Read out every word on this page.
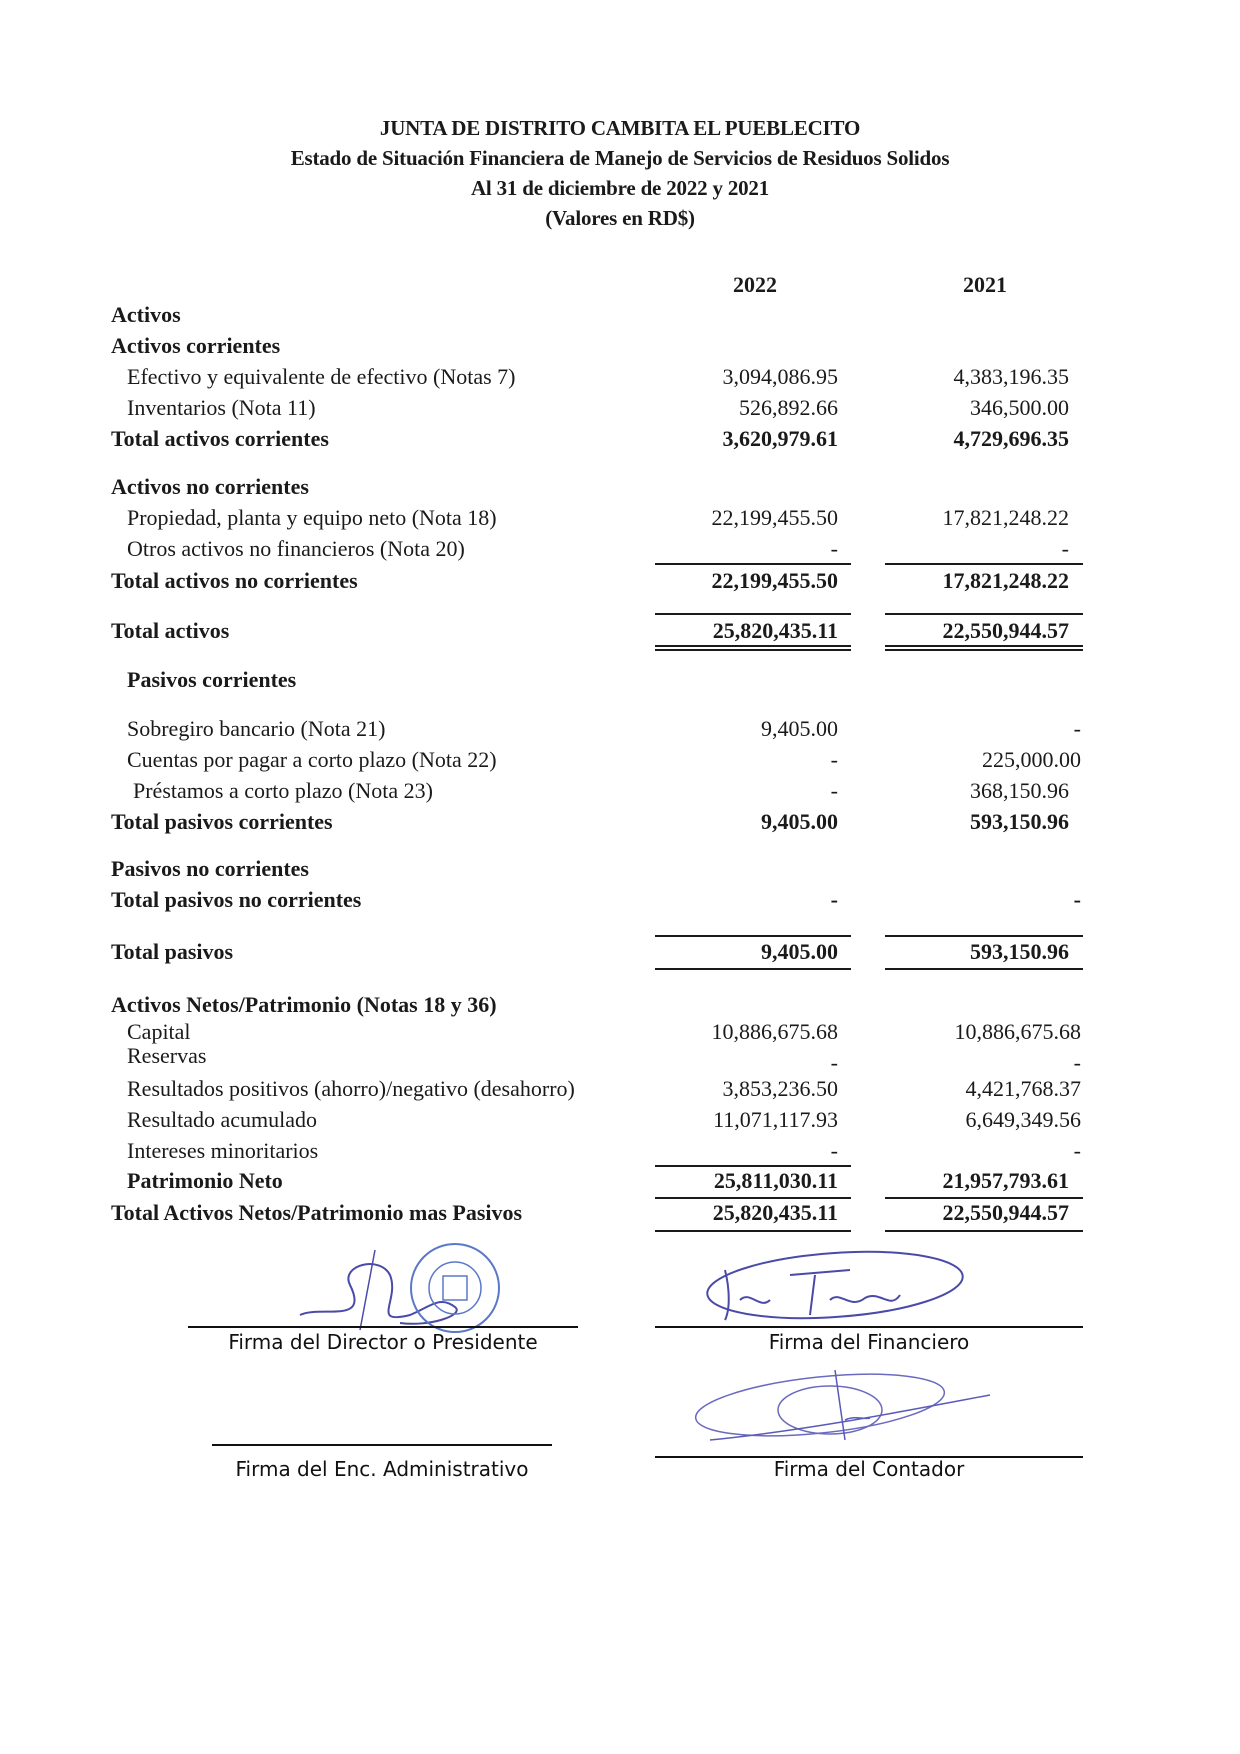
JUNTA DE DISTRITO CAMBITA EL PUEBLECITO
Estado de Situación Financiera de Manejo de Servicios de Residuos Solidos
Al 31 de diciembre de 2022 y 2021
(Valores en RD$)
2022	2021
Activos
Activos corrientes
Efectivo y equivalente de efectivo (Notas 7)	3,094,086.95	4,383,196.35
Inventarios (Nota 11)	526,892.66	346,500.00
Total activos corrientes	3,620,979.61	4,729,696.35
Activos no corrientes
Propiedad, planta y equipo neto (Nota 18)	22,199,455.50	17,821,248.22
Otros activos no financieros (Nota 20)	-	-
Total activos no corrientes	22,199,455.50	17,821,248.22
Total activos	25,820,435.11	22,550,944.57
Pasivos corrientes
Sobregiro bancario (Nota 21)	9,405.00	-
Cuentas por pagar a corto plazo (Nota 22)	-	225,000.00
Préstamos a corto plazo (Nota 23)	-	368,150.96
Total pasivos corrientes	9,405.00	593,150.96
Pasivos no corrientes
Total pasivos no corrientes	-	-
Total pasivos	9,405.00	593,150.96
Activos Netos/Patrimonio (Notas 18 y 36)
Capital	10,886,675.68	10,886,675.68
Reservas	-	-
Resultados positivos (ahorro)/negativo (desahorro)	3,853,236.50	4,421,768.37
Resultado acumulado	11,071,117.93	6,649,349.56
Intereses minoritarios	-	-
Patrimonio Neto	25,811,030.11	21,957,793.61
Total Activos Netos/Patrimonio mas Pasivos	25,820,435.11	22,550,944.57
Firma del Director o Presidente	Firma del Financiero
Firma del Enc. Administrativo	Firma del Contador
